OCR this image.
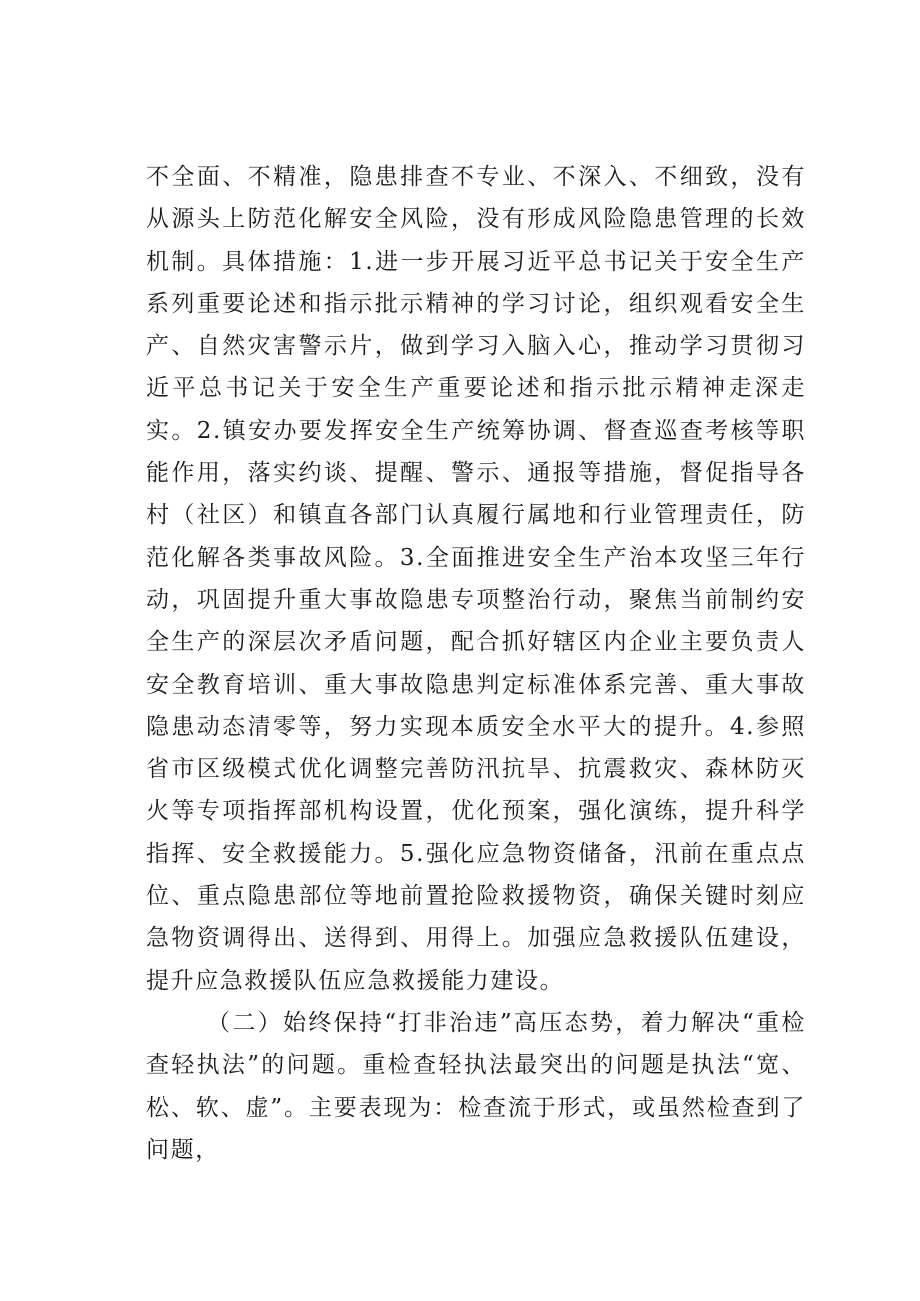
不全面、不精准，隐患排查不专业、不深入、不细致，没有从源头上防范化解安全风险，没有形成风险隐患管理的长效机制。具体措施：1.进一步开展习近平总书记关于安全生产系列重要论述和指示批示精神的学习讨论，组织观看安全生产、自然灾害警示片，做到学习入脑入心，推动学习贯彻习近平总书记关于安全生产重要论述和指示批示精神走深走实。2.镇安办要发挥安全生产统筹协调、督查巡查考核等职能作用，落实约谈、提醒、警示、通报等措施，督促指导各村（社区）和镇直各部门认真履行属地和行业管理责任，防范化解各类事故风险。3.全面推进安全生产治本攻坚三年行动，巩固提升重大事故隐患专项整治行动，聚焦当前制约安全生产的深层次矛盾问题，配合抓好辖区内企业主要负责人安全教育培训、重大事故隐患判定标准体系完善、重大事故隐患动态清零等，努力实现本质安全水平大的提升。4.参照省市区级模式优化调整完善防汛抗旱、抗震救灾、森林防灭火等专项指挥部机构设置，优化预案，强化演练，提升科学指挥、安全救援能力。5.强化应急物资储备，汛前在重点点位、重点隐患部位等地前置抢险救援物资，确保关键时刻应急物资调得出、送得到、用得上。加强应急救援队伍建设，提升应急救援队伍应急救援能力建设。

（二）始终保持“打非治违”高压态势，着力解决“重检查轻执法”的问题。重检查轻执法最突出的问题是执法“宽、松、软、虚”。主要表现为：检查流于形式，或虽然检查到了问题，
